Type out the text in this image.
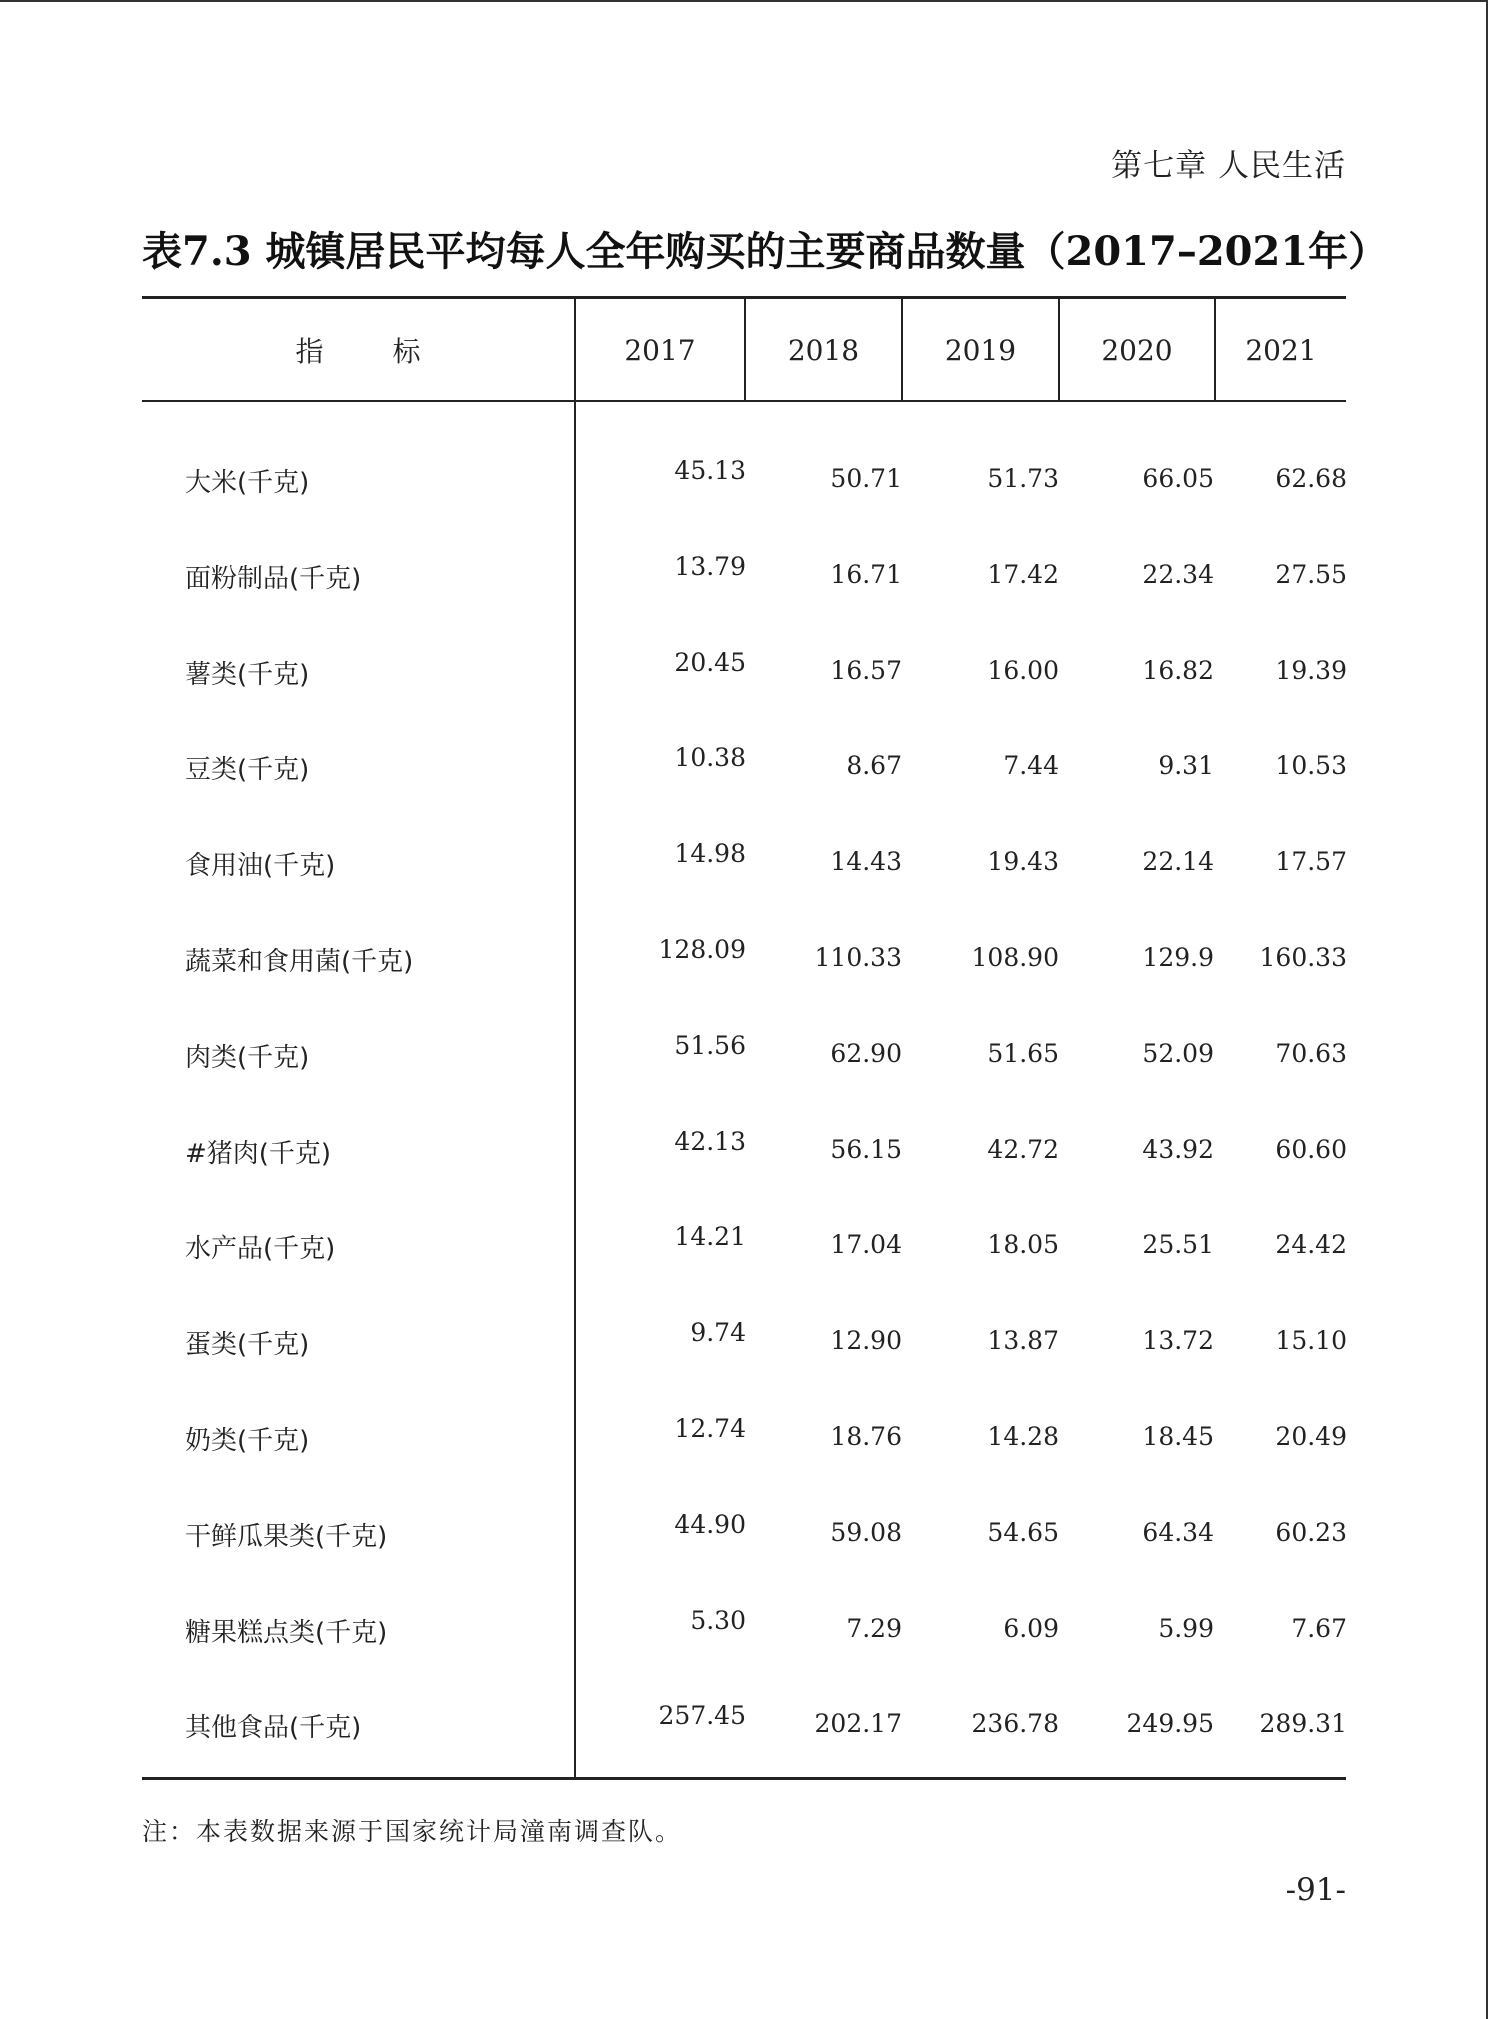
第七章 人民生活
表7.3 城镇居民平均每人全年购买的主要商品数量（2017–2021年）
指 标	2017	2018	2019	2020	2021
大米(千克)	45.13	50.71	51.73	66.05	62.68
面粉制品(千克)	13.79	16.71	17.42	22.34	27.55
薯类(千克)	20.45	16.57	16.00	16.82	19.39
豆类(千克)	10.38	8.67	7.44	9.31	10.53
食用油(千克)	14.98	14.43	19.43	22.14	17.57
蔬菜和食用菌(千克)	128.09	110.33	108.90	129.9	160.33
肉类(千克)	51.56	62.90	51.65	52.09	70.63
#猪肉(千克)	42.13	56.15	42.72	43.92	60.60
水产品(千克)	14.21	17.04	18.05	25.51	24.42
蛋类(千克)	9.74	12.90	13.87	13.72	15.10
奶类(千克)	12.74	18.76	14.28	18.45	20.49
干鲜瓜果类(千克)	44.90	59.08	54.65	64.34	60.23
糖果糕点类(千克)	5.30	7.29	6.09	5.99	7.67
其他食品(千克)	257.45	202.17	236.78	249.95	289.31
注：本表数据来源于国家统计局潼南调查队。
-91-
